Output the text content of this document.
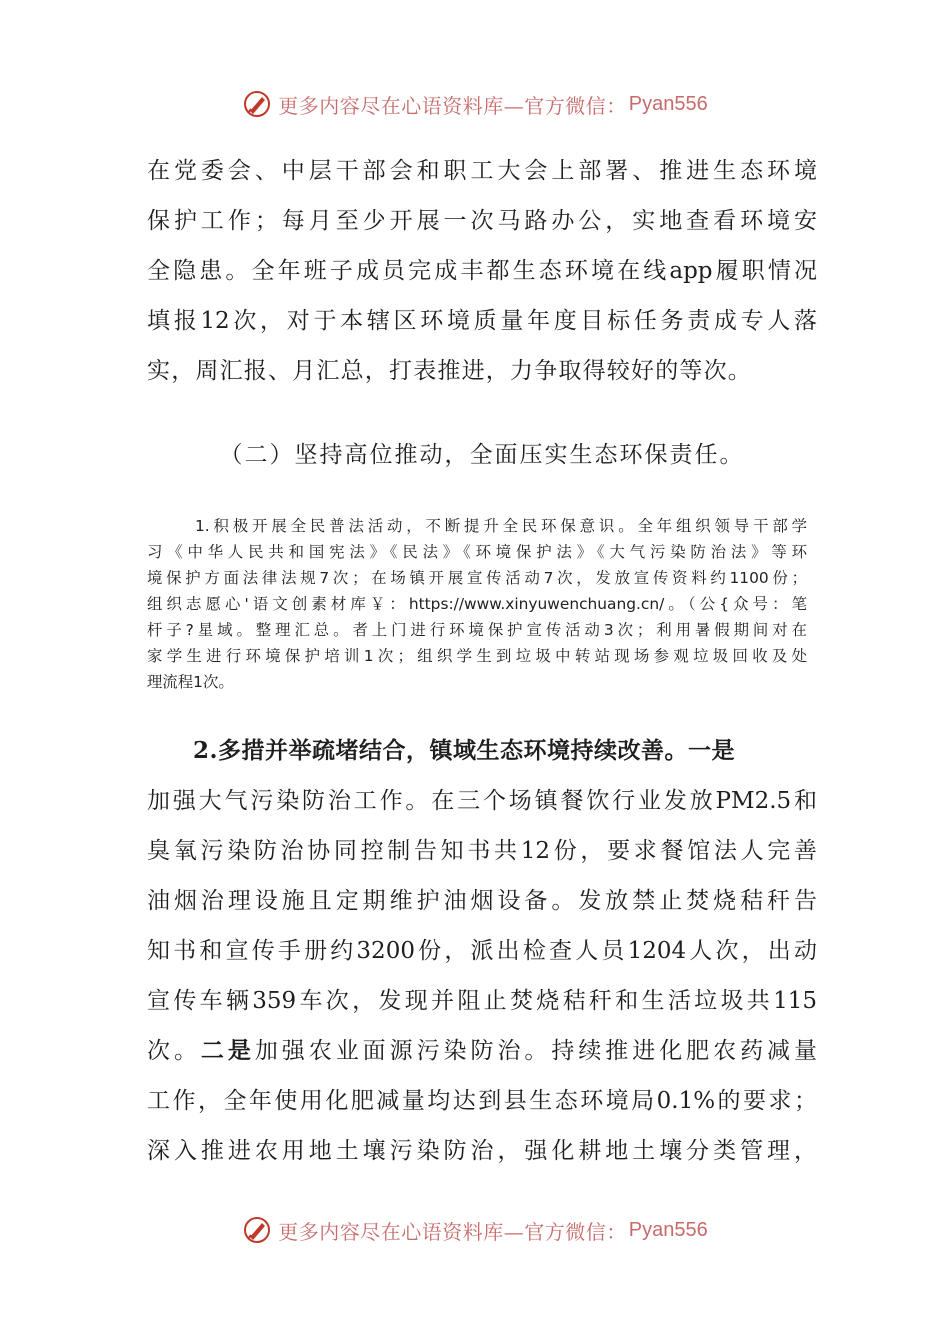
更多内容尽在心语资料库—官方微信： Pyan556
在党委会、中层干部会和职工大会上部署、推进生态环境
保护工作；每月至少开展一次马路办公，实地查看环境安
全隐患。全年班子成员完成丰都生态环境在线app履职情况
填报12次，对于本辖区环境质量年度目标任务责成专人落
实，周汇报、月汇总，打表推进，力争取得较好的等次。
（二）坚持高位推动，全面压实生态环保责任。
1.积极开展全民普法活动，不断提升全民环保意识。全年组织领导干部学
习《中华人民共和国宪法》《民法》《环境保护法》《大气污染防治法》等环
境保护方面法律法规7次；在场镇开展宣传活动7次，发放宣传资料约1100份；
组织志愿心'语文创素材库￥：https://www.xinyuwenchuang.cn/。（公{众号：笔
杆子?星域。整理汇总。者上门进行环境保护宣传活动3次；利用暑假期间对在
家学生进行环境保护培训1次；组织学生到垃圾中转站现场参观垃圾回收及处
理流程1次。
2.多措并举疏堵结合，镇域生态环境持续改善。一是
加强大气污染防治工作。在三个场镇餐饮行业发放PM2.5和
臭氧污染防治协同控制告知书共12份，要求餐馆法人完善
油烟治理设施且定期维护油烟设备。发放禁止焚烧秸秆告
知书和宣传手册约3200份，派出检查人员1204人次，出动
宣传车辆359车次，发现并阻止焚烧秸秆和生活垃圾共115
次。二是加强农业面源污染防治。持续推进化肥农药减量
工作，全年使用化肥减量均达到县生态环境局0.1%的要求；
深入推进农用地土壤污染防治，强化耕地土壤分类管理，
更多内容尽在心语资料库—官方微信： Pyan556
